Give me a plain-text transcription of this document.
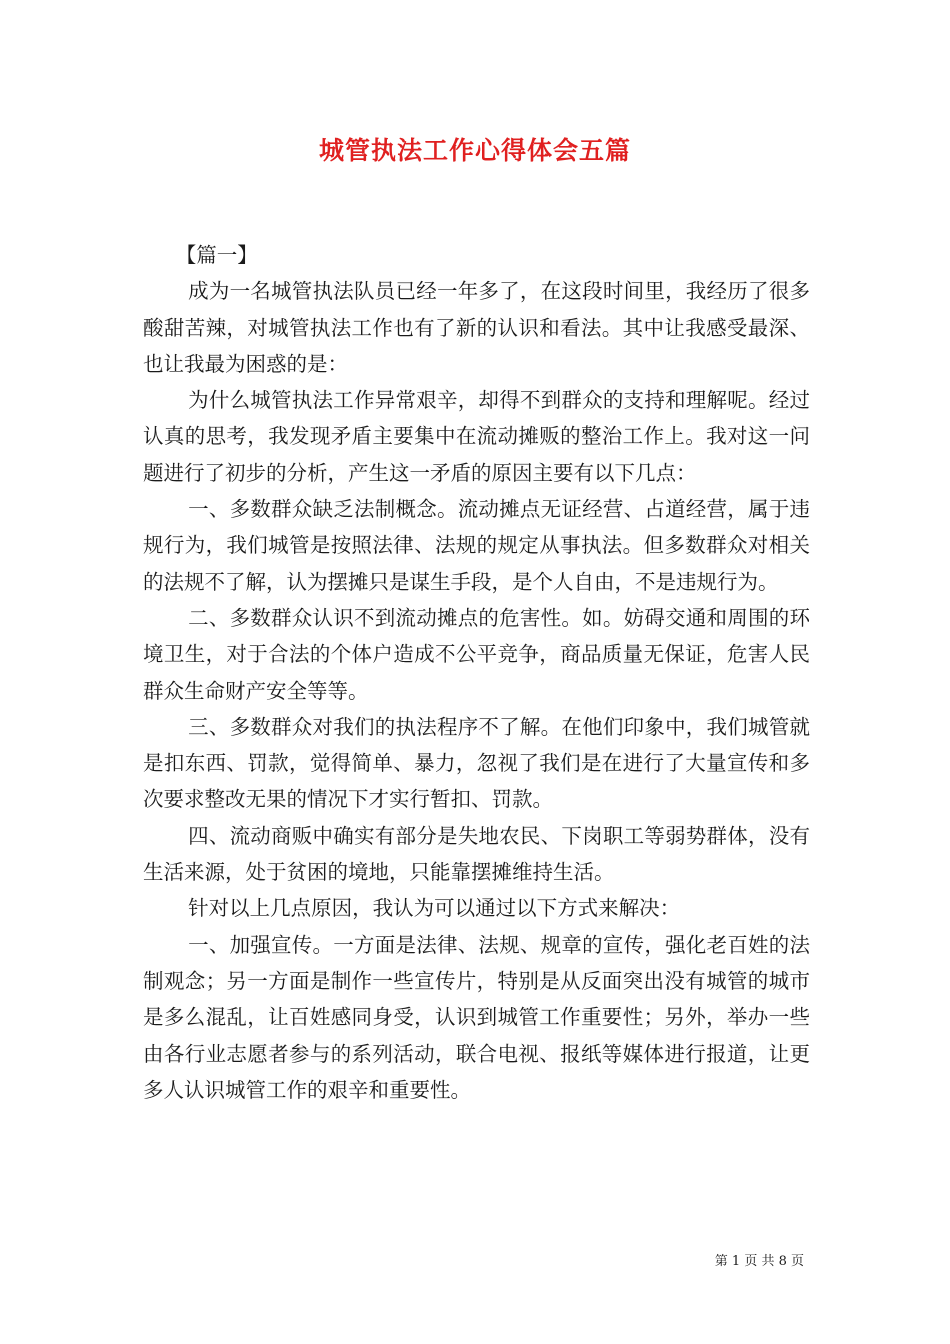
城管执法工作心得体会五篇

【篇一】

成为一名城管执法队员已经一年多了，在这段时间里，我经历了很多酸甜苦辣，对城管执法工作也有了新的认识和看法。其中让我感受最深、也让我最为困惑的是：

为什么城管执法工作异常艰辛，却得不到群众的支持和理解呢。经过认真的思考，我发现矛盾主要集中在流动摊贩的整治工作上。我对这一问题进行了初步的分析，产生这一矛盾的原因主要有以下几点：

一、多数群众缺乏法制概念。流动摊点无证经营、占道经营，属于违规行为，我们城管是按照法律、法规的规定从事执法。但多数群众对相关的法规不了解，认为摆摊只是谋生手段，是个人自由，不是违规行为。

二、多数群众认识不到流动摊点的危害性。如。妨碍交通和周围的环境卫生，对于合法的个体户造成不公平竞争，商品质量无保证，危害人民群众生命财产安全等等。

三、多数群众对我们的执法程序不了解。在他们印象中，我们城管就是扣东西、罚款，觉得简单、暴力，忽视了我们是在进行了大量宣传和多次要求整改无果的情况下才实行暂扣、罚款。

四、流动商贩中确实有部分是失地农民、下岗职工等弱势群体，没有生活来源，处于贫困的境地，只能靠摆摊维持生活。

针对以上几点原因，我认为可以通过以下方式来解决：

一、加强宣传。一方面是法律、法规、规章的宣传，强化老百姓的法制观念；另一方面是制作一些宣传片，特别是从反面突出没有城管的城市是多么混乱，让百姓感同身受，认识到城管工作重要性；另外，举办一些由各行业志愿者参与的系列活动，联合电视、报纸等媒体进行报道，让更多人认识城管工作的艰辛和重要性。

第 1 页 共 8 页
